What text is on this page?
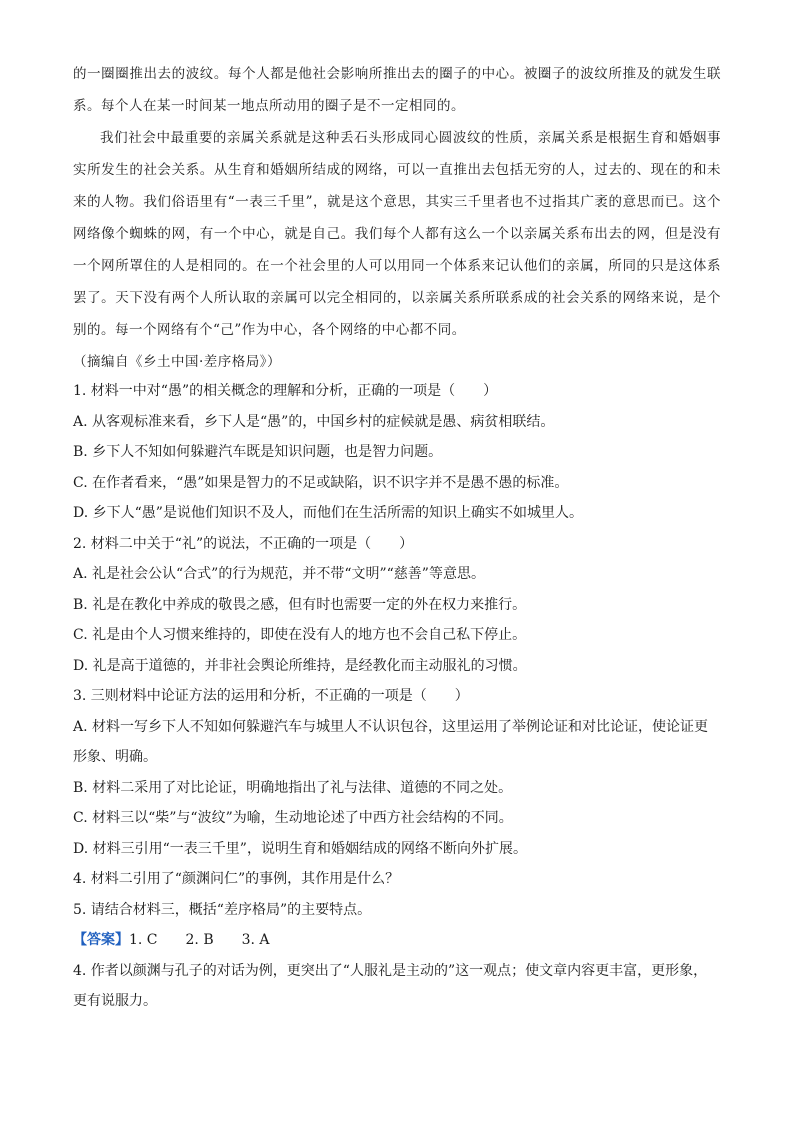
的一圈圈推出去的波纹。每个人都是他社会影响所推出去的圈子的中心。被圈子的波纹所推及的就发生联系。每个人在某一时间某一地点所动用的圈子是不一定相同的。

我们社会中最重要的亲属关系就是这种丢石头形成同心圆波纹的性质，亲属关系是根据生育和婚姻事实所发生的社会关系。从生育和婚姻所结成的网络，可以一直推出去包括无穷的人，过去的、现在的和未来的人物。我们俗语里有“一表三千里”，就是这个意思，其实三千里者也不过指其广袤的意思而已。这个网络像个蜘蛛的网，有一个中心，就是自己。我们每个人都有这么一个以亲属关系布出去的网，但是没有一个网所罩住的人是相同的。在一个社会里的人可以用同一个体系来记认他们的亲属，所同的只是这体系罢了。天下没有两个人所认取的亲属可以完全相同的，以亲属关系所联系成的社会关系的网络来说，是个别的。每一个网络有个“己”作为中心，各个网络的中心都不同。

（摘编自《乡土中国·差序格局》）

1. 材料一中对“愚”的相关概念的理解和分析，正确的一项是（　　）

A. 从客观标准来看，乡下人是“愚”的，中国乡村的症候就是愚、病贫相联结。

B. 乡下人不知如何躲避汽车既是知识问题，也是智力问题。

C. 在作者看来，“愚”如果是智力的不足或缺陷，识不识字并不是愚不愚的标准。

D. 乡下人“愚”是说他们知识不及人，而他们在生活所需的知识上确实不如城里人。

2. 材料二中关于“礼”的说法，不正确的一项是（　　）

A. 礼是社会公认“合式”的行为规范，并不带“文明”“慈善”等意思。

B. 礼是在教化中养成的敬畏之感，但有时也需要一定的外在权力来推行。

C. 礼是由个人习惯来维持的，即使在没有人的地方也不会自己私下停止。

D. 礼是高于道德的，并非社会舆论所维持，是经教化而主动服礼的习惯。

3. 三则材料中论证方法的运用和分析，不正确的一项是（　　）

A. 材料一写乡下人不知如何躲避汽车与城里人不认识包谷，这里运用了举例论证和对比论证，使论证更形象、明确。

B. 材料二采用了对比论证，明确地指出了礼与法律、道德的不同之处。

C. 材料三以“柴”与“波纹”为喻，生动地论述了中西方社会结构的不同。

D. 材料三引用“一表三千里”，说明生育和婚姻结成的网络不断向外扩展。

4. 材料二引用了“颜渊问仁”的事例，其作用是什么？

5. 请结合材料三，概括“差序格局”的主要特点。

【答案】1. C　　2. B　　3. A

4. 作者以颜渊与孔子的对话为例，更突出了“人服礼是主动的”这一观点；使文章内容更丰富，更形象，更有说服力。
